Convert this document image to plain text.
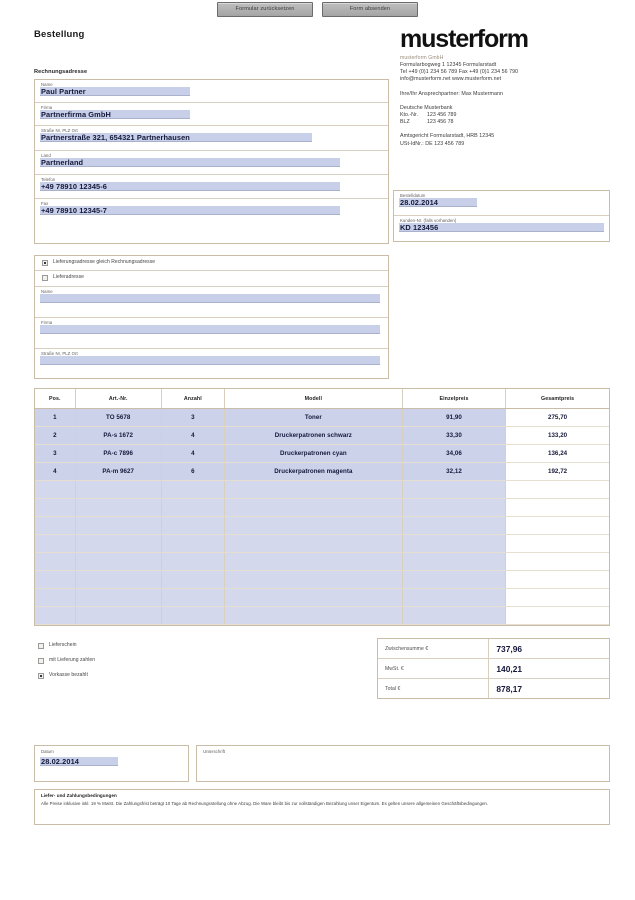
Formular zurücksetzen	Form absenden
Bestellung	musterform
musterform GmbH
Formularbogweg 1 12345 Formularstadt
Tel +49 (0)1 234 56 789 Fax +49 (0)1 234 56 790
info@musterform.net www.musterform.net
Ihre/Ihr Ansprechpartner: Max Mustermann
Deutsche Musterbank
Kto.-Nr.	123 456 789
BLZ	123 456 78
Amtsgericht Formularstadt, HRB 12345
USt-IdNr.: DE 123 456 789
Rechnungsadresse
Name
Paul Partner
Firma
Partnerfirma GmbH
Straße Nr, PLZ Ort
Partnerstraße 321, 654321 Partnerhausen
Land
Partnerland
Telefon
+49 78910 12345-6
Fax
+49 78910 12345-7
Bestelldatum
28.02.2014
Kunden-Nr. (falls vorhanden)
KD 123456
Lieferungsadresse gleich Rechnungsadresse
Lieferadresse
Name
Firma
Straße Nr, PLZ Ort
Pos.	Art.-Nr.	Anzahl	Modell	Einzelpreis	Gesamtpreis
1	TO 5678	3	Toner	91,90	275,70
2	PA-s 1672	4	Druckerpatronen schwarz	33,30	133,20
3	PA-c 7896	4	Druckerpatronen cyan	34,06	136,24
4	PA-m 9627	6	Druckerpatronen magenta	32,12	192,72

Lieferschein
mit Lieferung zahlen
Vorkasse bezahlt
Zwischensumme €	737,96
MwSt. €	140,21
Total €	878,17
Datum
28.02.2014
Unterschrift
Liefer- und Zahlungsbedingungen
Alle Preise inklusive inkl. 19 % MwSt. Die Zahlungsfrist beträgt 10 Tage ab Rechnungsstellung ohne Abzug. Die Ware bleibt bis zur vollständigen Bezahlung unser Eigentum. Es gelten unsere allgemeinen Geschäftsbedingungen.
